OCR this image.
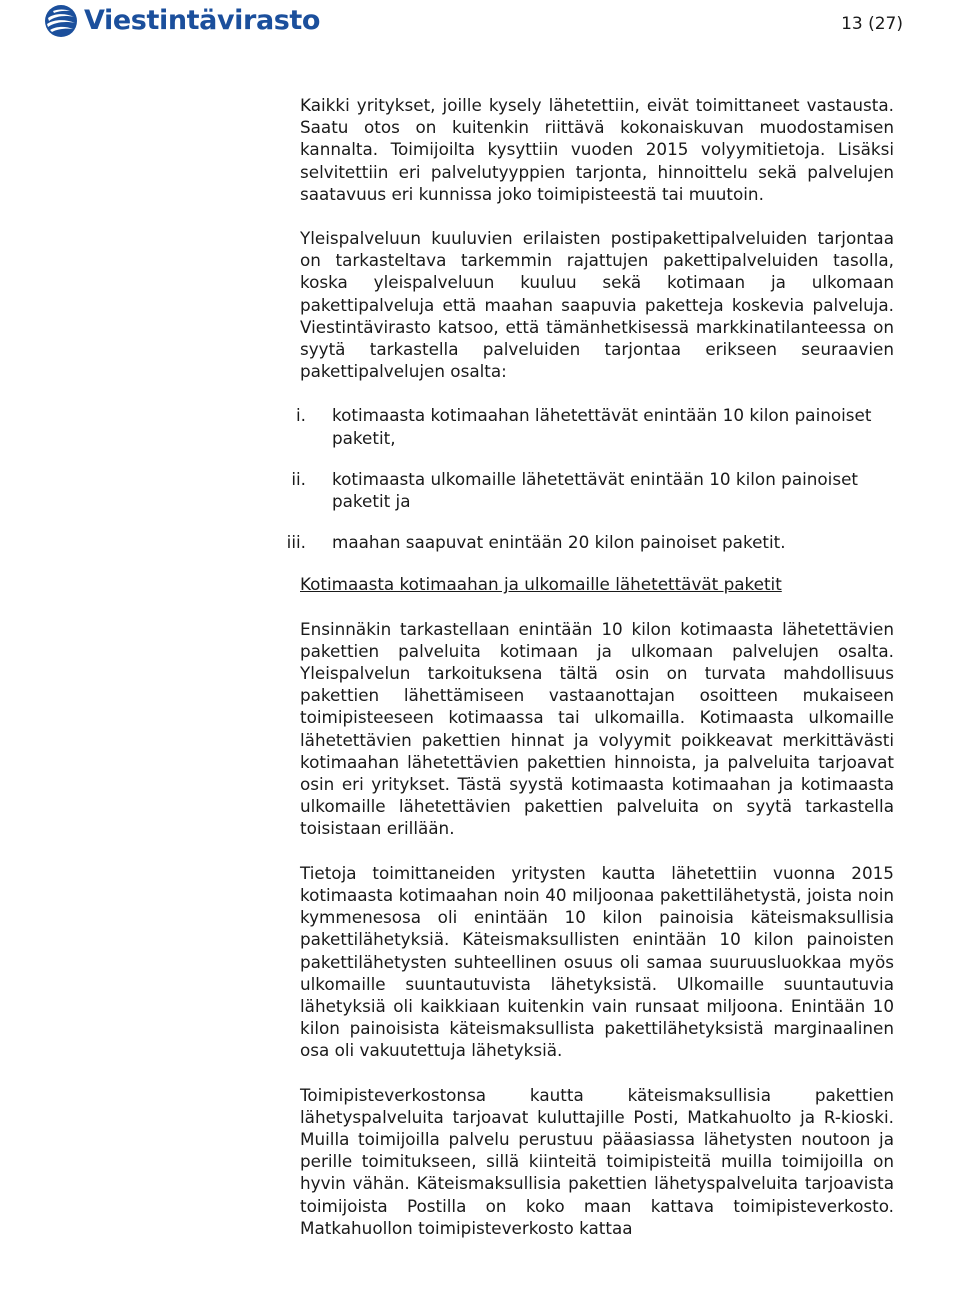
Viestintävirasto	13 (27)

Kaikki yritykset, joille kysely lähetettiin, eivät toimittaneet vastausta. Saatu otos on kuitenkin riittävä kokonaiskuvan muodostamisen kannalta. Toimijoilta kysyttiin vuoden 2015 volyymitietoja. Lisäksi selvitettiin eri palvelutyyppien tarjonta, hinnoittelu sekä palvelujen saatavuus eri kunnissa joko toimipisteestä tai muutoin.

Yleispalveluun kuuluvien erilaisten postipakettipalveluiden tarjontaa on tarkasteltava tarkemmin rajattujen pakettipalveluiden tasolla, koska yleispalveluun kuuluu sekä kotimaan ja ulkomaan pakettipalveluja että maahan saapuvia paketteja koskevia palveluja. Viestintävirasto katsoo, että tämänhetkisessä markkinatilanteessa on syytä tarkastella palveluiden tarjontaa erikseen seuraavien pakettipalvelujen osalta:

i.	kotimaasta kotimaahan lähetettävät enintään 10 kilon painoiset paketit,
ii.	kotimaasta ulkomaille lähetettävät enintään 10 kilon painoiset paketit ja
iii.	maahan saapuvat enintään 20 kilon painoiset paketit.

Kotimaasta kotimaahan ja ulkomaille lähetettävät paketit

Ensinnäkin tarkastellaan enintään 10 kilon kotimaasta lähetettävien pakettien palveluita kotimaan ja ulkomaan palvelujen osalta. Yleispalvelun tarkoituksena tältä osin on turvata mahdollisuus pakettien lähettämiseen vastaanottajan osoitteen mukaiseen toimipisteeseen kotimaassa tai ulkomailla. Kotimaasta ulkomaille lähetettävien pakettien hinnat ja volyymit poikkeavat merkittävästi kotimaahan lähetettävien pakettien hinnoista, ja palveluita tarjoavat osin eri yritykset. Tästä syystä kotimaasta kotimaahan ja kotimaasta ulkomaille lähetettävien pakettien palveluita on syytä tarkastella toisistaan erillään.

Tietoja toimittaneiden yritysten kautta lähetettiin vuonna 2015 kotimaasta kotimaahan noin 40 miljoonaa pakettilähetystä, joista noin kymmenesosa oli enintään 10 kilon painoisia käteismaksullisia pakettilähetyksiä. Käteismaksullisten enintään 10 kilon painoisten pakettilähetysten suhteellinen osuus oli samaa suuruusluokkaa myös ulkomaille suuntautuvista lähetyksistä. Ulkomaille suuntautuvia lähetyksiä oli kaikkiaan kuitenkin vain runsaat miljoona. Enintään 10 kilon painoisista käteismaksullista pakettilähetyksistä marginaalinen osa oli vakuutettuja lähetyksiä.

Toimipisteverkostonsa kautta käteismaksullisia pakettien lähetyspalveluita tarjoavat kuluttajille Posti, Matkahuolto ja R-kioski. Muilla toimijoilla palvelu perustuu pääasiassa lähetysten noutoon ja perille toimitukseen, sillä kiinteitä toimipisteitä muilla toimijoilla on hyvin vähän. Käteismaksullisia pakettien lähetyspalveluita tarjoavista toimijoista Postilla on koko maan kattava toimipisteverkosto. Matkahuollon toimipisteverkosto kattaa
